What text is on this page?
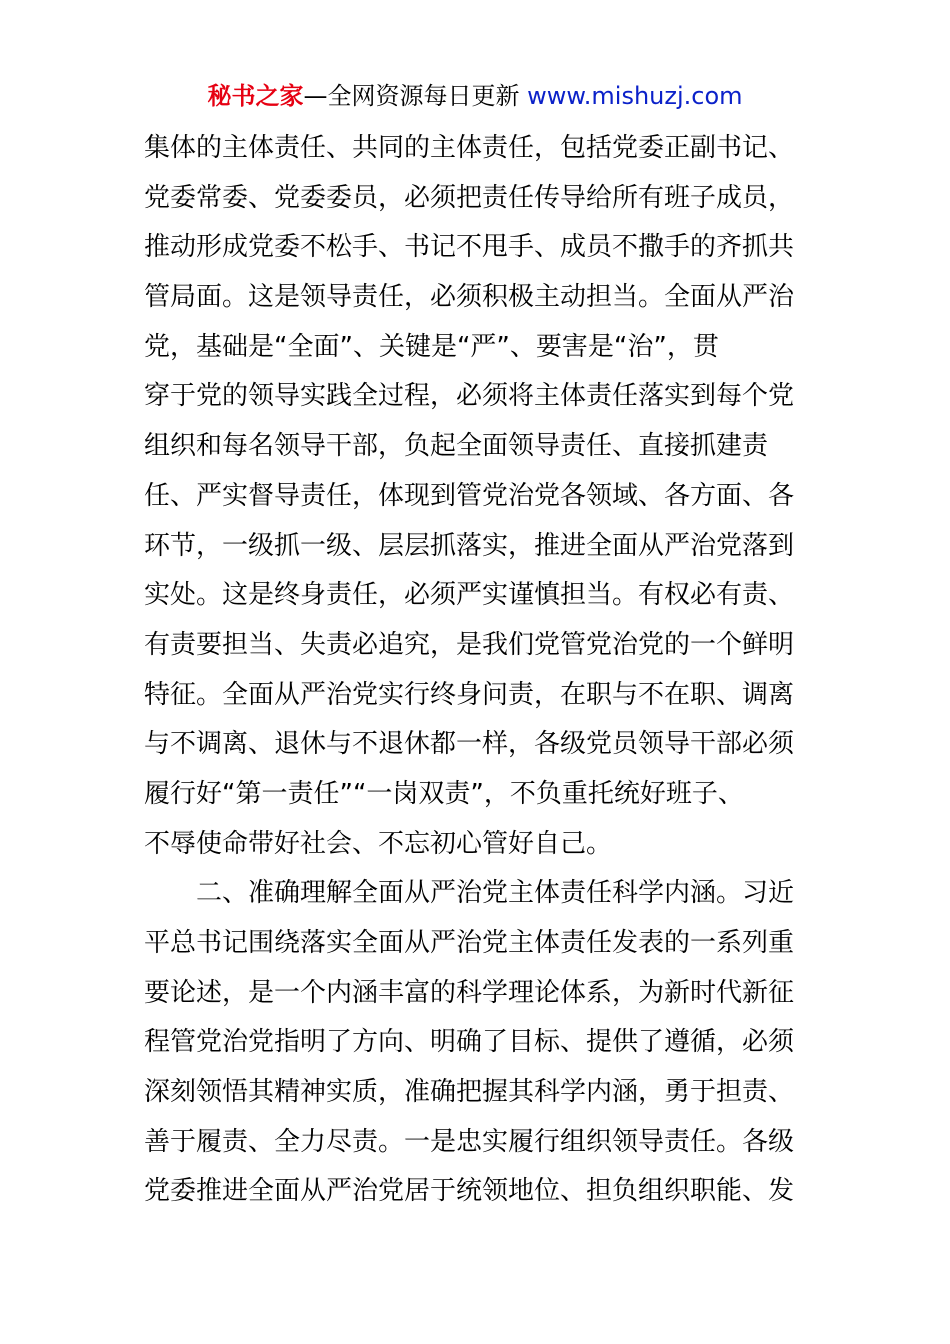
秘书之家—全网资源每日更新 www.mishuzj.com
集体的主体责任、共同的主体责任，包括党委正副书记、
党委常委、党委委员，必须把责任传导给所有班子成员，
推动形成党委不松手、书记不甩手、成员不撒手的齐抓共
管局面。这是领导责任，必须积极主动担当。全面从严治
党，基础是“全面”、关键是“严”、要害是“治”，贯
穿于党的领导实践全过程，必须将主体责任落实到每个党
组织和每名领导干部，负起全面领导责任、直接抓建责
任、严实督导责任，体现到管党治党各领域、各方面、各
环节，一级抓一级、层层抓落实，推进全面从严治党落到
实处。这是终身责任，必须严实谨慎担当。有权必有责、
有责要担当、失责必追究，是我们党管党治党的一个鲜明
特征。全面从严治党实行终身问责，在职与不在职、调离
与不调离、退休与不退休都一样，各级党员领导干部必须
履行好“第一责任”“一岗双责”，不负重托统好班子、
不辱使命带好社会、不忘初心管好自己。
二、准确理解全面从严治党主体责任科学内涵。习近
平总书记围绕落实全面从严治党主体责任发表的一系列重
要论述，是一个内涵丰富的科学理论体系，为新时代新征
程管党治党指明了方向、明确了目标、提供了遵循，必须
深刻领悟其精神实质，准确把握其科学内涵，勇于担责、
善于履责、全力尽责。一是忠实履行组织领导责任。各级
党委推进全面从严治党居于统领地位、担负组织职能、发
